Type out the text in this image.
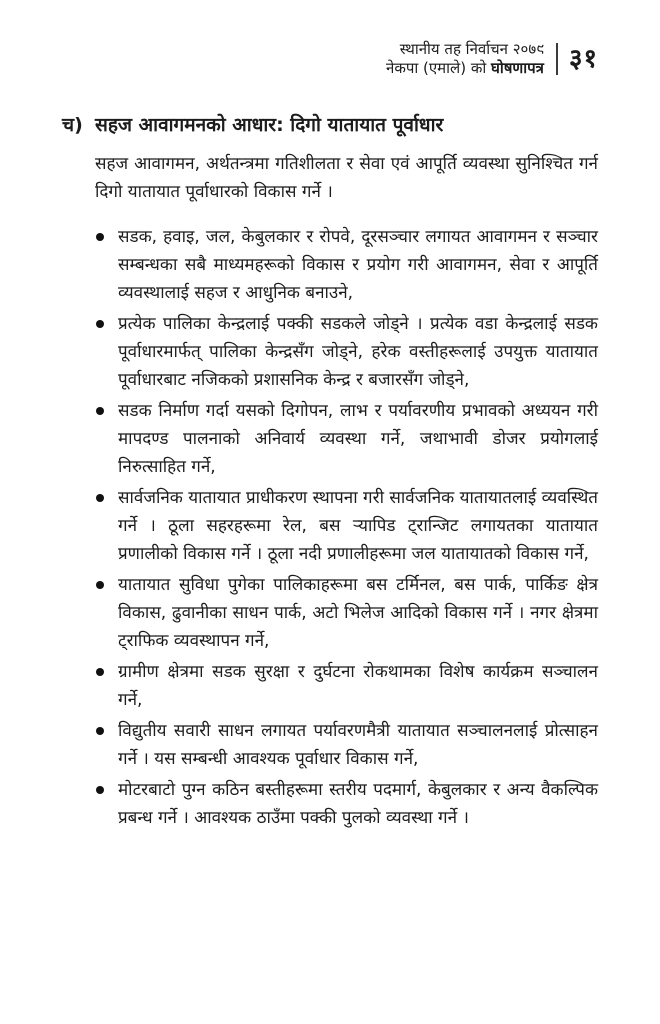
स्थानीय तह निर्वाचन २०७९
नेकपा (एमाले) को घोषणापत्र ३१
च) सहज आवागमनको आधार: दिगो यातायात पूर्वाधार

सहज आवागमन, अर्थतन्त्रमा गतिशीलता र सेवा एवं आपूर्ति व्यवस्था सुनिश्चित गर्न दिगो यातायात पूर्वाधारको विकास गर्ने ।

सडक, हवाइ, जल, केबुलकार र रोपवे, दूरसञ्चार लगायत आवागमन र सञ्चार सम्बन्धका सबै माध्यमहरूको विकास र प्रयोग गरी आवागमन, सेवा र आपूर्ति व्यवस्थालाई सहज र आधुनिक बनाउने,
प्रत्येक पालिका केन्द्रलाई पक्की सडकले जोड्ने । प्रत्येक वडा केन्द्रलाई सडक पूर्वाधारमार्फत् पालिका केन्द्रसँग जोड्ने, हरेक वस्तीहरूलाई उपयुक्त यातायात पूर्वाधारबाट नजिकको प्रशासनिक केन्द्र र बजारसँग जोड्ने,
सडक निर्माण गर्दा यसको दिगोपन, लाभ र पर्यावरणीय प्रभावको अध्ययन गरी मापदण्ड पालनाको अनिवार्य व्यवस्था गर्ने, जथाभावी डोजर प्रयोगलाई निरुत्साहित गर्ने,
सार्वजनिक यातायात प्राधीकरण स्थापना गरी सार्वजनिक यातायातलाई व्यवस्थित गर्ने । ठूला सहरहरूमा रेल, बस ऱ्यापिड ट्रान्जिट लगायतका यातायात प्रणालीको विकास गर्ने । ठूला नदी प्रणालीहरूमा जल यातायातको विकास गर्ने,
यातायात सुविधा पुगेका पालिकाहरूमा बस टर्मिनल, बस पार्क, पार्किङ क्षेत्र विकास, ढुवानीका साधन पार्क, अटो भिलेज आदिको विकास गर्ने । नगर क्षेत्रमा ट्राफिक व्यवस्थापन गर्ने,
ग्रामीण क्षेत्रमा सडक सुरक्षा र दुर्घटना रोकथामका विशेष कार्यक्रम सञ्चालन गर्ने,
विद्युतीय सवारी साधन लगायत पर्यावरणमैत्री यातायात सञ्चालनलाई प्रोत्साहन गर्ने । यस सम्बन्धी आवश्यक पूर्वाधार विकास गर्ने,
मोटरबाटो पुग्न कठिन बस्तीहरूमा स्तरीय पदमार्ग, केबुलकार र अन्य वैकल्पिक प्रबन्ध गर्ने । आवश्यक ठाउँमा पक्की पुलको व्यवस्था गर्ने ।
